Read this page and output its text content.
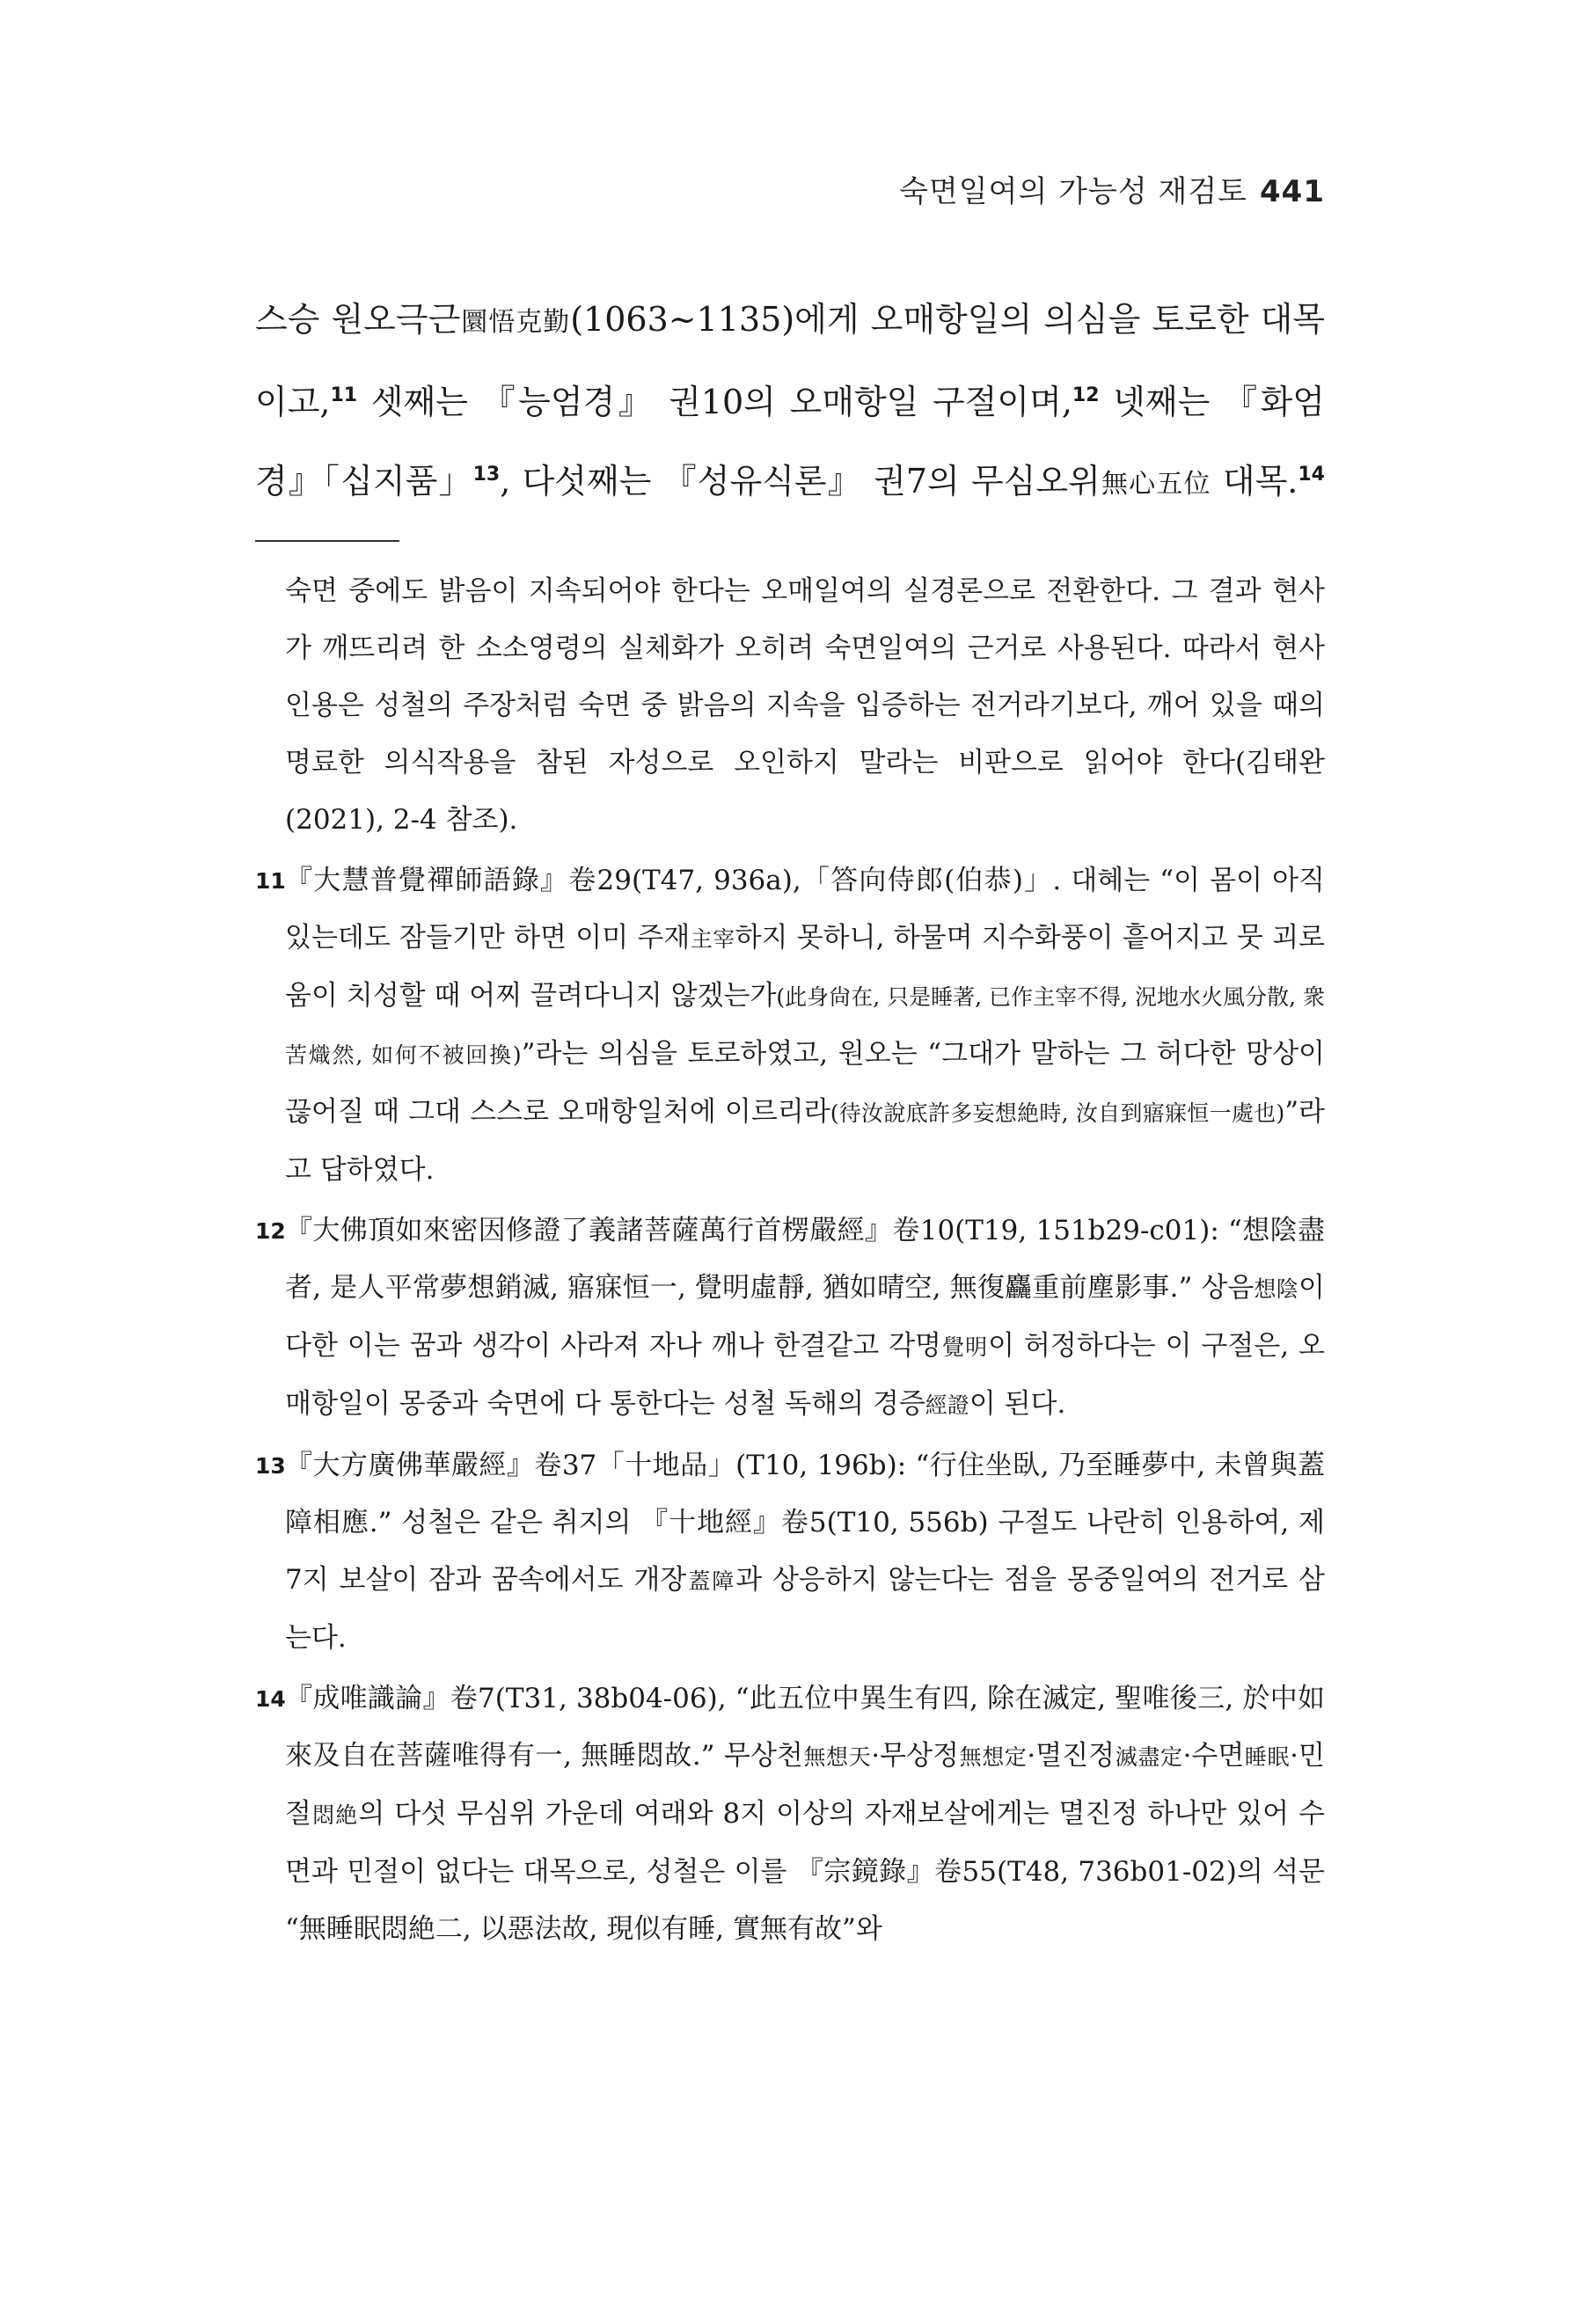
숙면일여의 가능성 재검토 441
스승 원오극근圜悟克勤(1063~1135)에게 오매항일의 의심을 토로한 대목이고,$^{11}$ 셋째는 『능엄경』 권10의 오매항일 구절이며,$^{12}$ 넷째는 『화엄경』「십지품」$^{13}$, 다섯째는 『성유식론』 권7의 무심오위無心五位 대목.$^{14}$

숙면 중에도 밝음이 지속되어야 한다는 오매일여의 실경론으로 전환한다. 그 결과 현사가 깨뜨리려 한 소소영령의 실체화가 오히려 숙면일여의 근거로 사용된다. 따라서 현사 인용은 성철의 주장처럼 숙면 중 밝음의 지속을 입증하는 전거라기보다, 깨어 있을 때의 명료한 의식작용을 참된 자성으로 오인하지 말라는 비판으로 읽어야 한다(김태완(2021), 2-4 참조).

11 『大慧普覺禪師語錄』卷29(T47, 936a),「答向侍郎(伯恭)」. 대혜는 “이 몸이 아직 있는데도 잠들기만 하면 이미 주재主宰하지 못하니, 하물며 지수화풍이 흩어지고 뭇 괴로움이 치성할 때 어찌 끌려다니지 않겠는가(此身尙在, 只是睡著, 已作主宰不得, 況地水火風分散, 衆苦熾然, 如何不被回換)”라는 의심을 토로하였고, 원오는 “그대가 말하는 그 허다한 망상이 끊어질 때 그대 스스로 오매항일처에 이르리라(待汝說底許多妄想絶時, 汝自到寤寐恒一處也)”라고 답하였다.

12 『大佛頂如來密因修證了義諸菩薩萬行首楞嚴經』卷10(T19, 151b29-c01): “想陰盡者, 是人平常夢想銷滅, 寤寐恒一, 覺明虛靜, 猶如晴空, 無復麤重前塵影事.” 상음想陰이 다한 이는 꿈과 생각이 사라져 자나 깨나 한결같고 각명覺明이 허정하다는 이 구절은, 오매항일이 몽중과 숙면에 다 통한다는 성철 독해의 경증經證이 된다.

13 『大方廣佛華嚴經』卷37「十地品」(T10, 196b): “行住坐臥, 乃至睡夢中, 未曾與蓋障相應.” 성철은 같은 취지의 『十地經』卷5(T10, 556b) 구절도 나란히 인용하여, 제7지 보살이 잠과 꿈속에서도 개장蓋障과 상응하지 않는다는 점을 몽중일여의 전거로 삼는다.

14 『成唯識論』卷7(T31, 38b04-06), “此五位中異生有四, 除在滅定, 聖唯後三, 於中如來及自在菩薩唯得有一, 無睡悶故.” 무상천無想天·무상정無想定·멸진정滅盡定·수면睡眠·민절悶絶의 다섯 무심위 가운데 여래와 8지 이상의 자재보살에게는 멸진정 하나만 있어 수면과 민절이 없다는 대목으로, 성철은 이를 『宗鏡錄』卷55(T48, 736b01-02)의 석문 “無睡眠悶絶二, 以惡法故, 現似有睡, 實無有故”와
